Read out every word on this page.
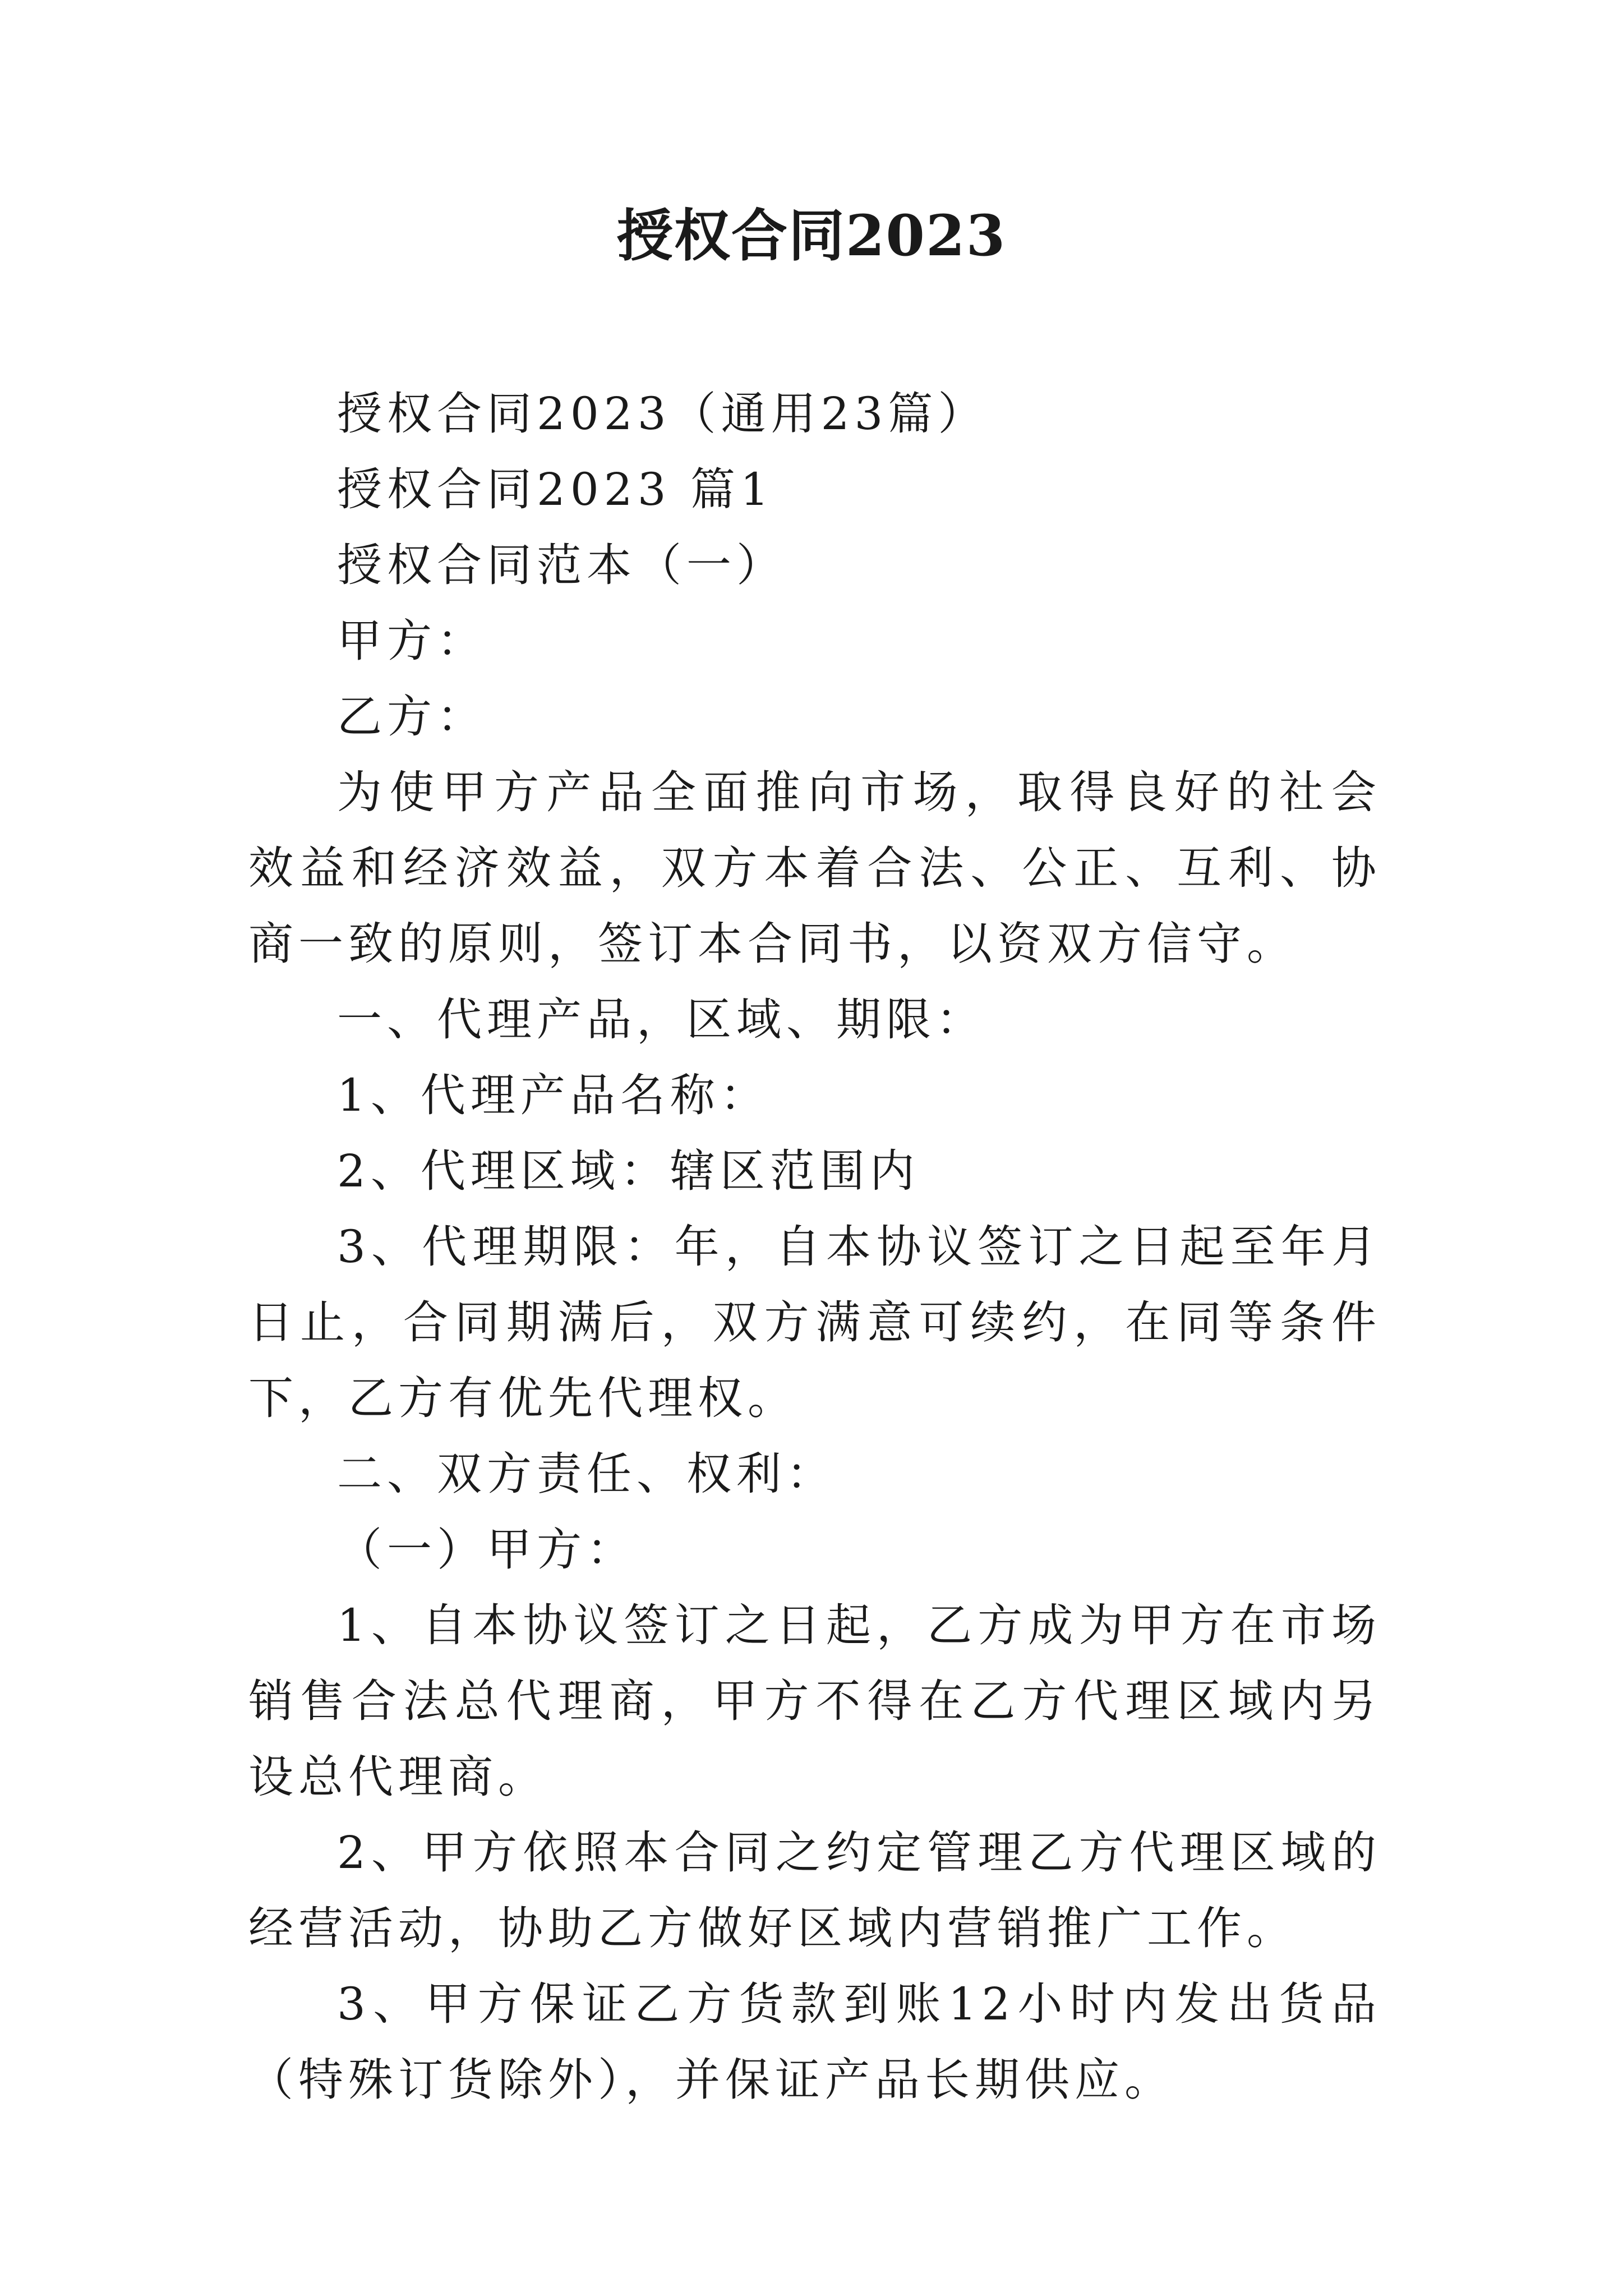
授权合同2023

授权合同2023（通用23篇）

授权合同2023 篇1

授权合同范本（一）

甲方：

乙方：

为使甲方产品全面推向市场，取得良好的社会效益和经济效益，双方本着合法、公正、互利、协商一致的原则，签订本合同书，以资双方信守。

一、代理产品，区域、期限：

1、代理产品名称：

2、代理区域：辖区范围内

3、代理期限：年，自本协议签订之日起至年月日止，合同期满后，双方满意可续约，在同等条件下，乙方有优先代理权。

二、双方责任、权利：

（一）甲方：

1、自本协议签订之日起，乙方成为甲方在市场销售合法总代理商，甲方不得在乙方代理区域内另设总代理商。

2、甲方依照本合同之约定管理乙方代理区域的经营活动，协助乙方做好区域内营销推广工作。

3、甲方保证乙方货款到账12小时内发出货品（特殊订货除外），并保证产品长期供应。
